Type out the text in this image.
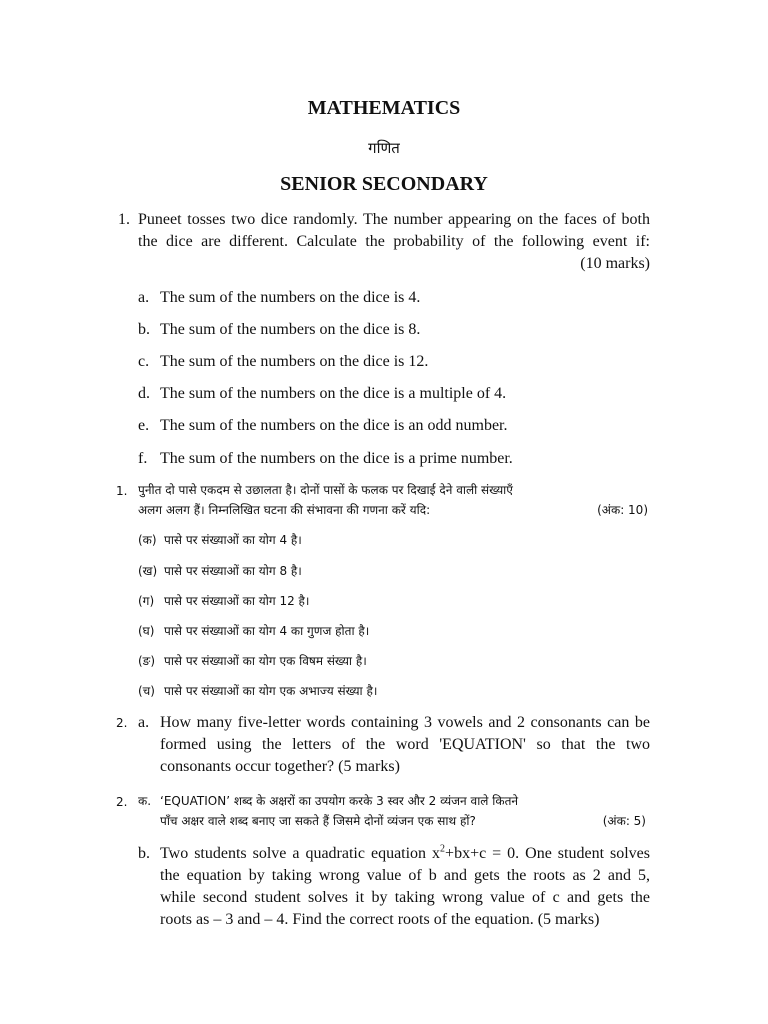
MATHEMATICS
गणित
SENIOR SECONDARY
1. Puneet tosses two dice randomly. The number appearing on the faces of both
the dice are different. Calculate the probability of the following event if:
(10 marks)
a. The sum of the numbers on the dice is 4.
b. The sum of the numbers on the dice is 8.
c. The sum of the numbers on the dice is 12.
d. The sum of the numbers on the dice is a multiple of 4.
e. The sum of the numbers on the dice is an odd number.
f. The sum of the numbers on the dice is a prime number.
1. पुनीत दो पासे एकदम से उछालता है। दोनों पासों के फलक पर दिखाई देने वाली संख्याएँ
अलग अलग हैं। निम्नलिखित घटना की संभावना की गणना करें यदि:	(अंक: 10)
(क) पासे पर संख्याओं का योग 4 है।
(ख) पासे पर संख्याओं का योग 8 है।
(ग) पासे पर संख्याओं का योग 12 है।
(घ) पासे पर संख्याओं का योग 4 का गुणज होता है।
(ङ) पासे पर संख्याओं का योग एक विषम संख्या है।
(च) पासे पर संख्याओं का योग एक अभाज्य संख्या है।
2. a. How many five-letter words containing 3 vowels and 2 consonants can be
formed using the letters of the word 'EQUATION' so that the two
consonants occur together? (5 marks)
2. क. ‘EQUATION’ शब्द के अक्षरों का उपयोग करके 3 स्वर और 2 व्यंजन वाले कितने
पाँच अक्षर वाले शब्द बनाए जा सकते हैं जिसमे दोनों व्यंजन एक साथ हों?	(अंक: 5)
b. Two students solve a quadratic equation $x^2+bx+c = 0$. One student solves
the equation by taking wrong value of b and gets the roots as 2 and 5,
while second student solves it by taking wrong value of c and gets the
roots as – 3 and – 4. Find the correct roots of the equation. (5 marks)
